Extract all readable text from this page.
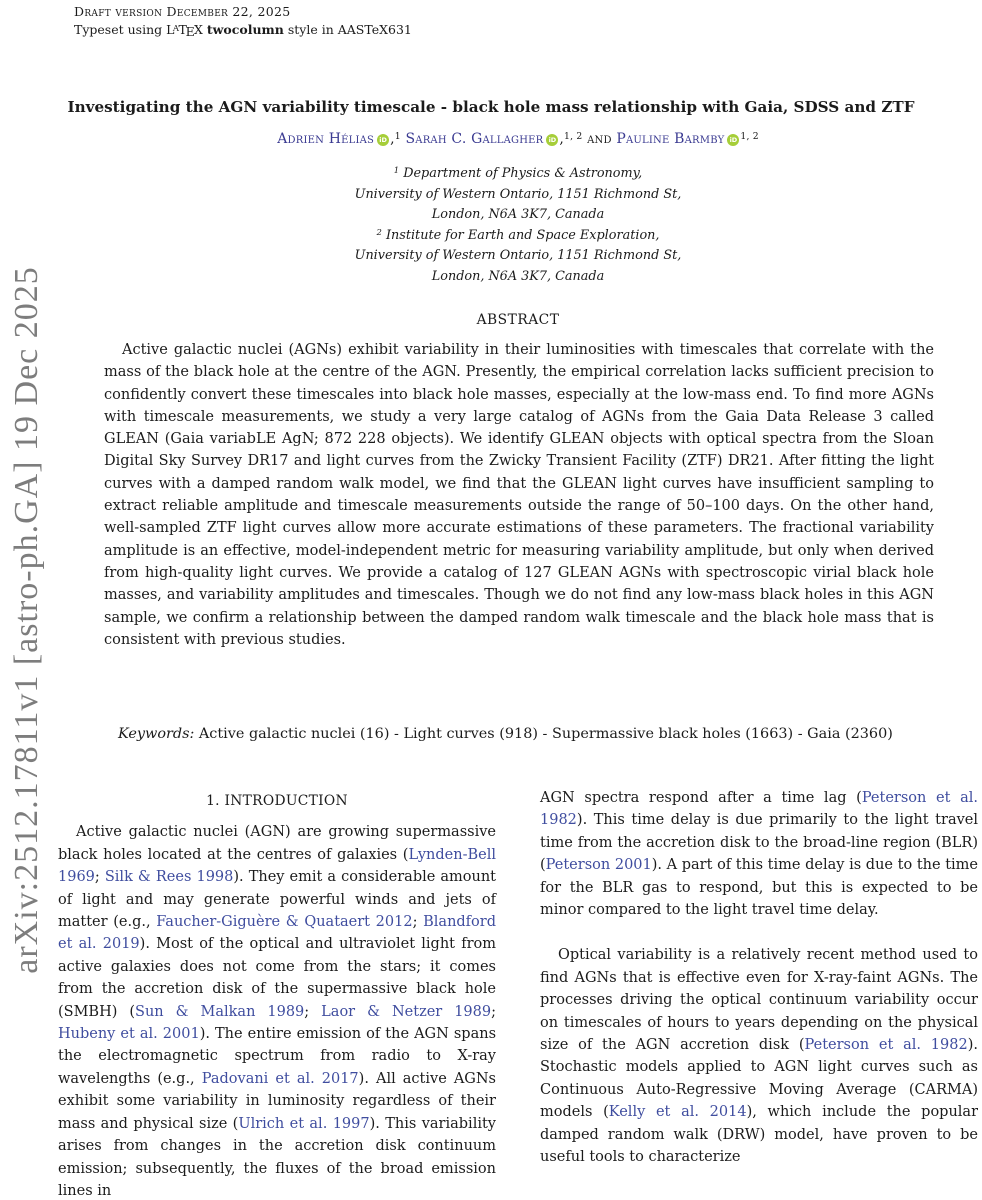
arXiv:2512.17811v1 [astro-ph.GA] 19 Dec 2025
Draft version December 22, 2025
Typeset using LATEX twocolumn style in AASTeX631
Investigating the AGN variability timescale - black hole mass relationship with Gaia, SDSS and ZTF
Adrien Hélias iD ,$^1$ Sarah C. Gallagher iD ,$^{1, 2}$ and Pauline Barmby iD $^{1, 2}$
$^1$ Department of Physics & Astronomy,
University of Western Ontario, 1151 Richmond St,
London, N6A 3K7, Canada
$^2$ Institute for Earth and Space Exploration,
University of Western Ontario, 1151 Richmond St,
London, N6A 3K7, Canada
ABSTRACT
Active galactic nuclei (AGNs) exhibit variability in their luminosities with timescales that correlate with the mass of the black hole at the centre of the AGN. Presently, the empirical correlation lacks sufficient precision to confidently convert these timescales into black hole masses, especially at the low-mass end. To find more AGNs with timescale measurements, we study a very large catalog of AGNs from the Gaia Data Release 3 called GLEAN (Gaia variabLE AgN; 872 228 objects). We identify GLEAN objects with optical spectra from the Sloan Digital Sky Survey DR17 and light curves from the Zwicky Transient Facility (ZTF) DR21. After fitting the light curves with a damped random walk model, we find that the GLEAN light curves have insufficient sampling to extract reliable amplitude and timescale measurements outside the range of 50–100 days. On the other hand, well-sampled ZTF light curves allow more accurate estimations of these parameters. The fractional variability amplitude is an effective, model-independent metric for measuring variability amplitude, but only when derived from high-quality light curves. We provide a catalog of 127 GLEAN AGNs with spectroscopic virial black hole masses, and variability amplitudes and timescales. Though we do not find any low-mass black holes in this AGN sample, we confirm a relationship between the damped random walk timescale and the black hole mass that is consistent with previous studies.
Keywords: Active galactic nuclei (16) - Light curves (918) - Supermassive black holes (1663) - Gaia (2360)
1. INTRODUCTION

Active galactic nuclei (AGN) are growing supermassive black holes located at the centres of galaxies (Lynden-Bell 1969; Silk & Rees 1998). They emit a considerable amount of light and may generate powerful winds and jets of matter (e.g., Faucher-Giguère & Quataert 2012; Blandford et al. 2019). Most of the optical and ultraviolet light from active galaxies does not come from the stars; it comes from the accretion disk of the supermassive black hole (SMBH) (Sun & Malkan 1989; Laor & Netzer 1989; Hubeny et al. 2001). The entire emission of the AGN spans the electromagnetic spectrum from radio to X-ray wavelengths (e.g., Padovani et al. 2017). All active AGNs exhibit some variability in luminosity regardless of their mass and physical size (Ulrich et al. 1997). This variability arises from changes in the accretion disk continuum emission; subsequently, the fluxes of the broad emission lines in

AGN spectra respond after a time lag (Peterson et al. 1982). This time delay is due primarily to the light travel time from the accretion disk to the broad-line region (BLR) (Peterson 2001). A part of this time delay is due to the time for the BLR gas to respond, but this is expected to be minor compared to the light travel time delay.

Optical variability is a relatively recent method used to find AGNs that is effective even for X-ray-faint AGNs. The processes driving the optical continuum variability occur on timescales of hours to years depending on the physical size of the AGN accretion disk (Peterson et al. 1982). Stochastic models applied to AGN light curves such as Continuous Auto-Regressive Moving Average (CARMA) models (Kelly et al. 2014), which include the popular damped random walk (DRW) model, have proven to be useful tools to characterize
